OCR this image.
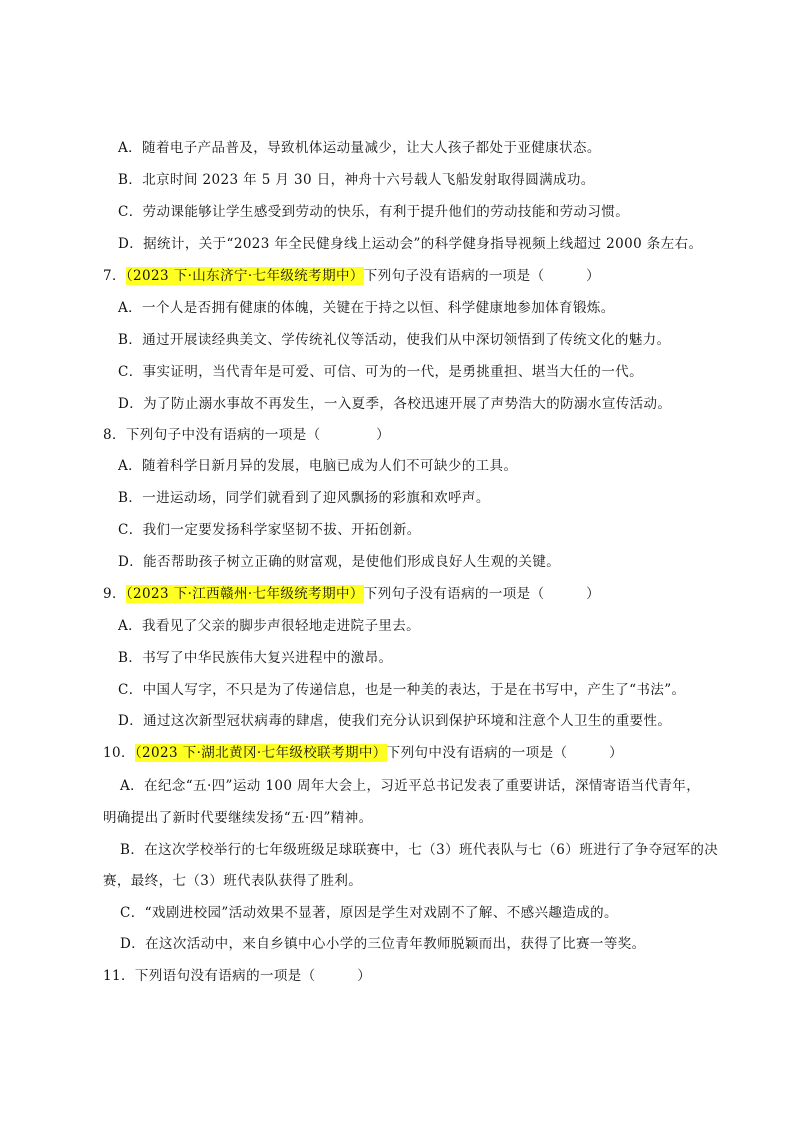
A．随着电子产品普及，导致机体运动量减少，让大人孩子都处于亚健康状态。
B．北京时间 2023 年 5 月 30 日，神舟十六号载人飞船发射取得圆满成功。
C．劳动课能够让学生感受到劳动的快乐，有利于提升他们的劳动技能和劳动习惯。
D．据统计，关于“2023 年全民健身线上运动会”的科学健身指导视频上线超过 2000 条左右。
7．（2023 下·山东济宁·七年级统考期中）下列句子没有语病的一项是（　　　）
A．一个人是否拥有健康的体魄，关键在于持之以恒、科学健康地参加体育锻炼。
B．通过开展读经典美文、学传统礼仪等活动，使我们从中深切领悟到了传统文化的魅力。
C．事实证明，当代青年是可爱、可信、可为的一代，是勇挑重担、堪当大任的一代。
D．为了防止溺水事故不再发生，一入夏季，各校迅速开展了声势浩大的防溺水宣传活动。
8．下列句子中没有语病的一项是（　　　　）
A．随着科学日新月异的发展，电脑已成为人们不可缺少的工具。
B．一进运动场，同学们就看到了迎风飘扬的彩旗和欢呼声。
C．我们一定要发扬科学家坚韧不拔、开拓创新。
D．能否帮助孩子树立正确的财富观，是使他们形成良好人生观的关键。
9．（2023 下·江西赣州·七年级统考期中）下列句子没有语病的一项是（　　　）
A．我看见了父亲的脚步声很轻地走进院子里去。
B．书写了中华民族伟大复兴进程中的激昂。
C．中国人写字，不只是为了传递信息，也是一种美的表达，于是在书写中，产生了“书法”。
D．通过这次新型冠状病毒的肆虐，使我们充分认识到保护环境和注意个人卫生的重要性。
10．（2023 下·湖北黄冈·七年级校联考期中）下列句中没有语病的一项是（　　　）
A．在纪念“五·四”运动 100 周年大会上，习近平总书记发表了重要讲话，深情寄语当代青年，
明确提出了新时代要继续发扬“五·四”精神。
B．在这次学校举行的七年级班级足球联赛中，七（3）班代表队与七（6）班进行了争夺冠军的决
赛，最终，七（3）班代表队获得了胜利。
C．“戏剧进校园”活动效果不显著，原因是学生对戏剧不了解、不感兴趣造成的。
D．在这次活动中，来自乡镇中心小学的三位青年教师脱颖而出，获得了比赛一等奖。
11．下列语句没有语病的一项是（　　　）
